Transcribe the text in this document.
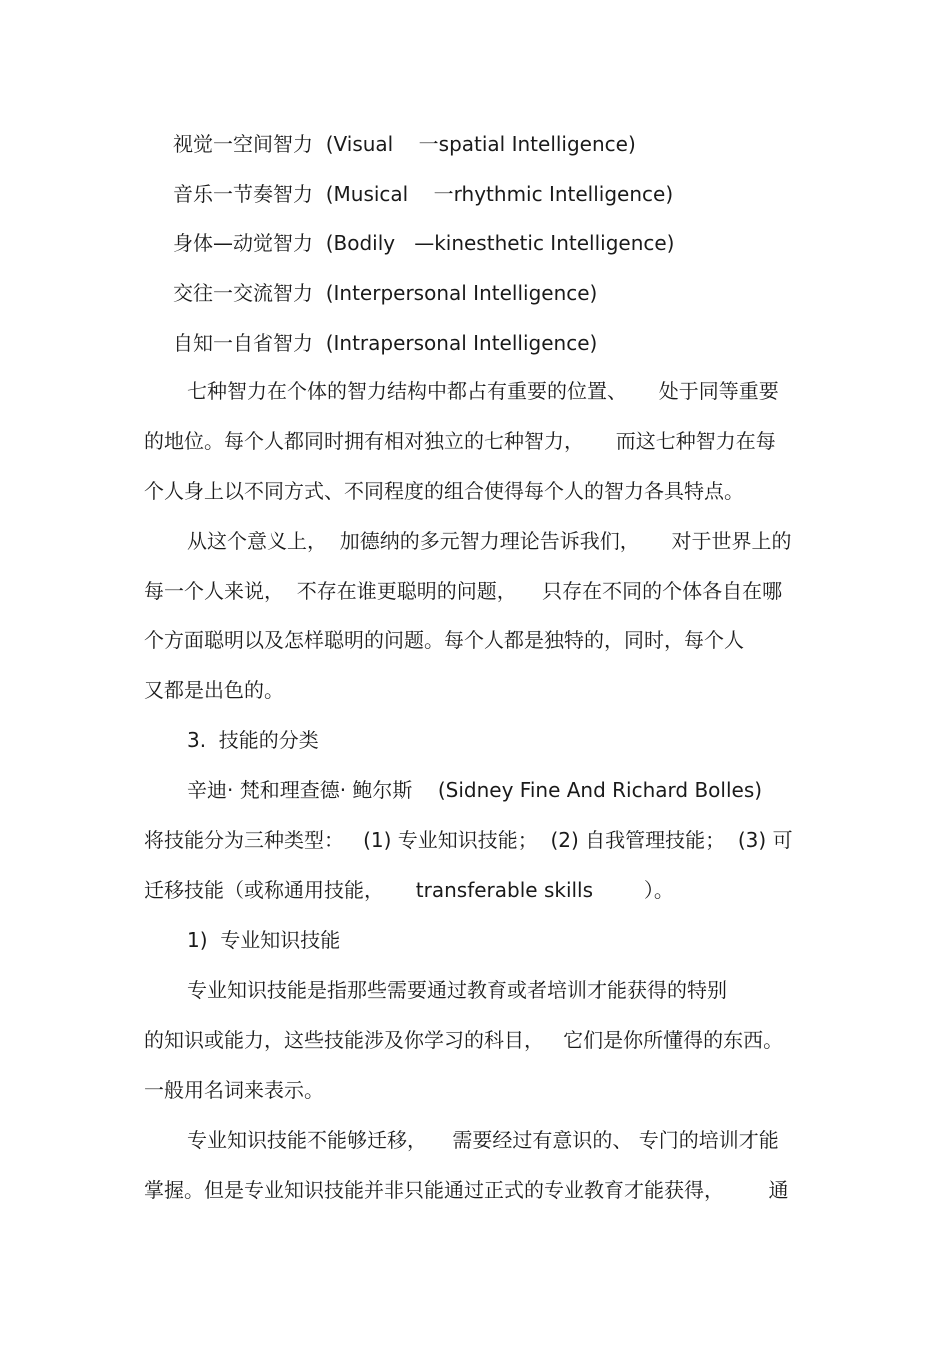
视觉一空间智力  (Visual    一spatial Intelligence)
音乐一节奏智力  (Musical    一rhythmic Intelligence)
身体—动觉智力  (Bodily   —kinesthetic Intelligence)
交往一交流智力  (Interpersonal Intelligence)
自知一自省智力  (Intrapersonal Intelligence)
七种智力在个体的智力结构中都占有重要的位置、     处于同等重要
的地位。每个人都同时拥有相对独立的七种智力，     而这七种智力在每
个人身上以不同方式、不同程度的组合使得每个人的智力各具特点。
从这个意义上，  加德纳的多元智力理论告诉我们，     对于世界上的
每一个人来说，  不存在谁更聪明的问题，    只存在不同的个体各自在哪
个方面聪明以及怎样聪明的问题。每个人都是独特的，同时，每个人
又都是出色的。
3.  技能的分类
辛迪· 梵和理查德· 鲍尔斯    (Sidney Fine And Richard Bolles)
将技能分为三种类型：   (1) 专业知识技能；  (2) 自我管理技能；  (3) 可
迁移技能（或称通用技能，     transferable skills        ）。
1)  专业知识技能
专业知识技能是指那些需要通过教育或者培训才能获得的特别
的知识或能力，这些技能涉及你学习的科目，   它们是你所懂得的东西。
一般用名词来表示。
专业知识技能不能够迁移，    需要经过有意识的、 专门的培训才能
掌握。但是专业知识技能并非只能通过正式的专业教育才能获得，       通
